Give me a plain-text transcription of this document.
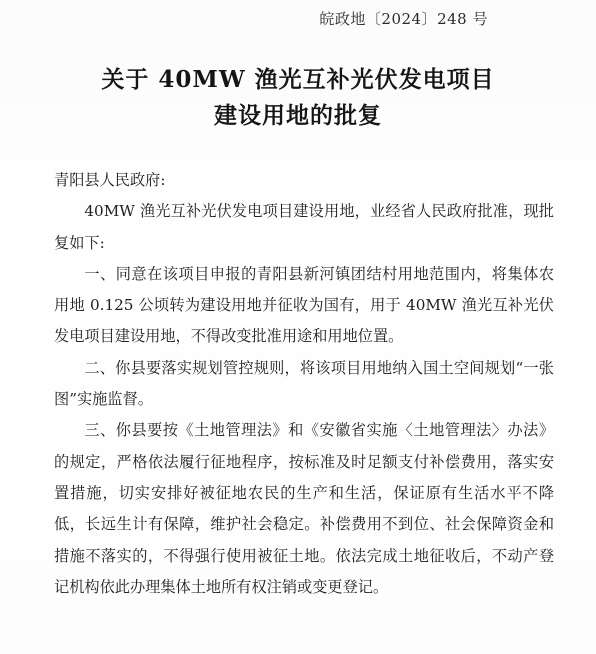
皖政地〔2024〕248 号
关于 40MW 渔光互补光伏发电项目
建设用地的批复

青阳县人民政府:

40MW 渔光互补光伏发电项目建设用地，业经省人民政府批准，现批复如下:

一、同意在该项目申报的青阳县新河镇团结村用地范围内，将集体农用地 0.125 公顷转为建设用地并征收为国有，用于 40MW 渔光互补光伏发电项目建设用地，不得改变批准用途和用地位置。

二、你县要落实规划管控规则，将该项目用地纳入国土空间规划“一张图”实施监督。

三、你县要按《土地管理法》和《安徽省实施〈土地管理法〉办法》的规定，严格依法履行征地程序，按标准及时足额支付补偿费用，落实安置措施，切实安排好被征地农民的生产和生活，保证原有生活水平不降低，长远生计有保障，维护社会稳定。补偿费用不到位、社会保障资金和措施不落实的，不得强行使用被征土地。依法完成土地征收后，不动产登记机构依此办理集体土地所有权注销或变更登记。
